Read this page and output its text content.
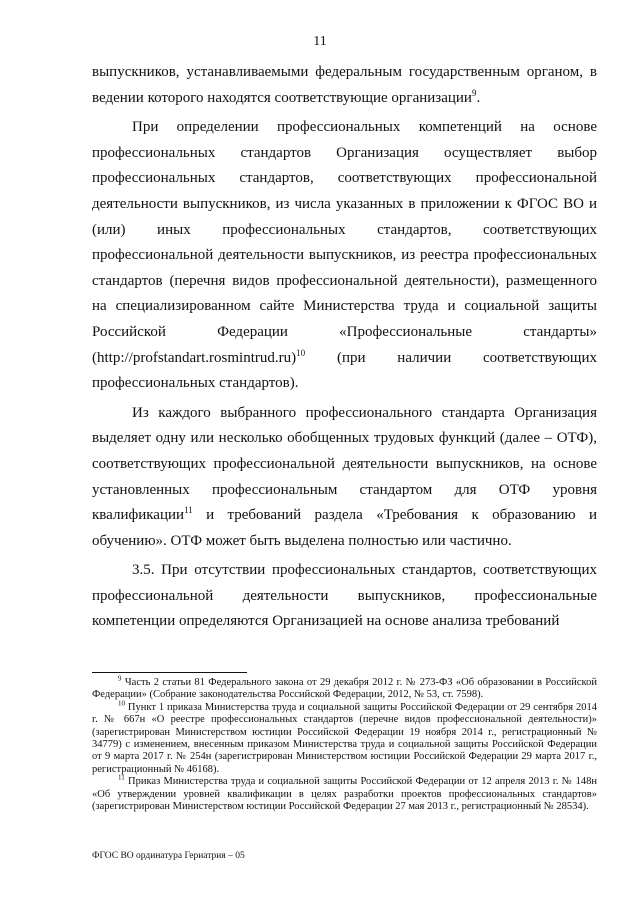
11

выпускников, устанавливаемыми федеральным государственным органом, в ведении которого находятся соответствующие организации$^9$.

При определении профессиональных компетенций на основе профессиональных стандартов Организация осуществляет выбор профессиональных стандартов, соответствующих профессиональной деятельности выпускников, из числа указанных в приложении к ФГОС ВО и (или) иных профессиональных стандартов, соответствующих профессиональной деятельности выпускников, из реестра профессиональных стандартов (перечня видов профессиональной деятельности), размещенного на специализированном сайте Министерства труда и социальной защиты Российской Федерации «Профессиональные стандарты» (http://profstandart.rosmintrud.ru)$^{10}$ (при наличии соответствующих профессиональных стандартов).

Из каждого выбранного профессионального стандарта Организация выделяет одну или несколько обобщенных трудовых функций (далее – ОТФ), соответствующих профессиональной деятельности выпускников, на основе установленных профессиональным стандартом для ОТФ уровня квалификации$^{11}$ и требований раздела «Требования к образованию и обучению». ОТФ может быть выделена полностью или частично.

3.5. При отсутствии профессиональных стандартов, соответствующих профессиональной деятельности выпускников, профессиональные компетенции определяются Организацией на основе анализа требований

$^9$ Часть 2 статьи 81 Федерального закона от 29 декабря 2012 г. № 273-ФЗ «Об образовании в Российской Федерации» (Собрание законодательства Российской Федерации, 2012, № 53, ст. 7598).

$^{10}$ Пункт 1 приказа Министерства труда и социальной защиты Российской Федерации от 29 сентября 2014 г. № 667н «О реестре профессиональных стандартов (перечне видов профессиональной деятельности)» (зарегистрирован Министерством юстиции Российской Федерации 19 ноября 2014 г., регистрационный № 34779) с изменением, внесенным приказом Министерства труда и социальной защиты Российской Федерации от 9 марта 2017 г. № 254н (зарегистрирован Министерством юстиции Российской Федерации 29 марта 2017 г., регистрационный № 46168).

$^{11}$ Приказ Министерства труда и социальной защиты Российской Федерации от 12 апреля 2013 г. № 148н «Об утверждении уровней квалификации в целях разработки проектов профессиональных стандартов» (зарегистрирован Министерством юстиции Российской Федерации 27 мая 2013 г., регистрационный № 28534).

ФГОС ВО ординатура Гериатрия – 05
